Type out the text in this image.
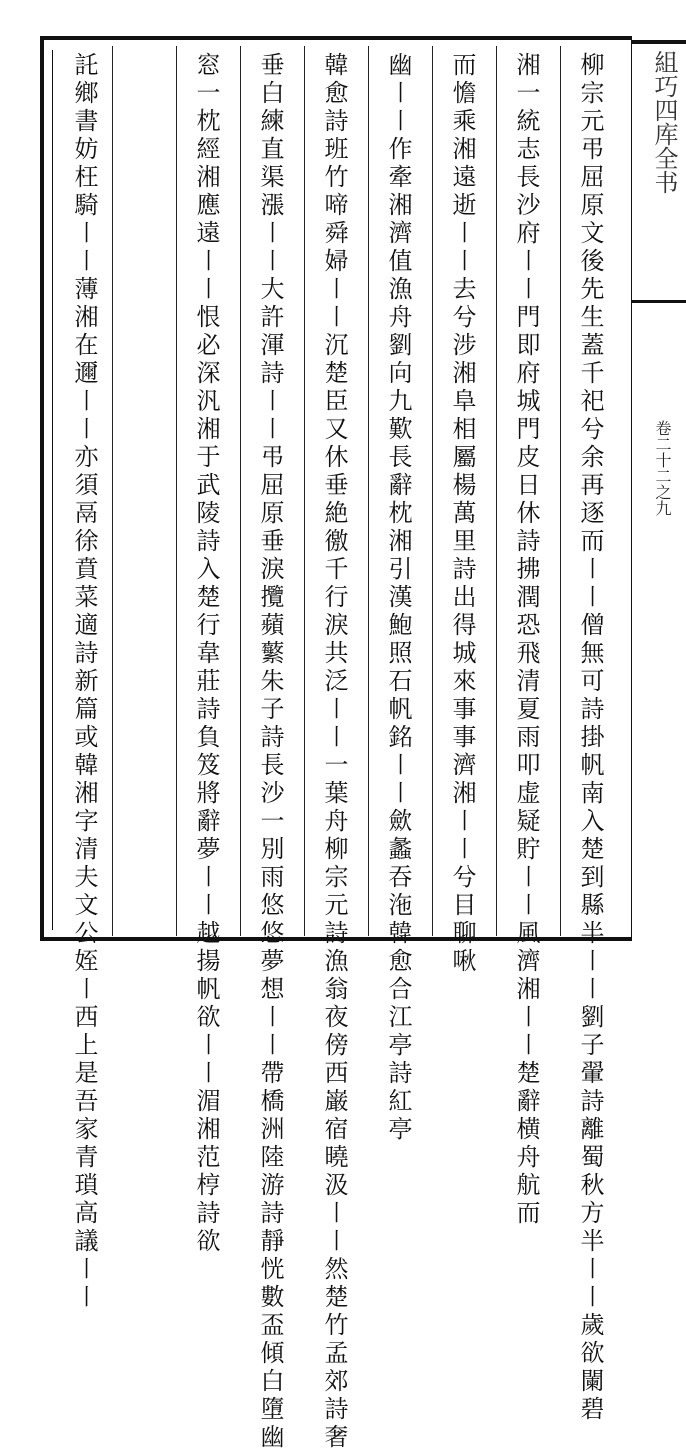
柳宗元弔屈原文後先生蓋千祀兮余再逐而〡〡僧無可詩掛帆南入楚到縣半〡〡劉子翬詩離蜀秋方半〡〡歲欲闌碧
湘一統志長沙府〡〡門即府城門皮日休詩拂潤恐飛清夏雨叩虚疑貯〡〡風濟湘〡〡楚辭横舟航而
而憺乘湘遠逝〡〡去兮涉湘阜相屬楊萬里詩出得城來事事濟湘〡〡兮目聊啾
幽〡〡作牽湘濟值漁舟劉向九歎長辭枕湘引漢鮑照石帆銘〡〡歛蠡吞沲韓愈合江亭詩紅亭
韓愈詩班竹啼舜婦〡〡沉楚臣又休垂絶徼千行淚共泛〡〡一葉舟柳宗元詩漁翁夜傍西巌宿曉汲〡〡然楚竹孟郊詩奢
垂白練直渠漲〡〡大許渾詩〡〡弔屈原垂淚攬蘋蘩朱子詩長沙一別雨悠悠夢想〡〡帶橋洲陸游詩靜恍數盃傾白墮幽
窓一枕經湘應遠〡〡恨必深汎湘于武陵詩入楚行韋莊詩負笈將辭夢〡〡越揚帆欲〡〡湄湘范梈詩欲
託鄉書妨枉騎〡〡薄湘在邇〡〡亦須鬲徐賁菜適詩新篇或韓湘字清夫文公姪〡西上是吾家青瑣高議〡〡	組巧四库全书
卷二十二之九
